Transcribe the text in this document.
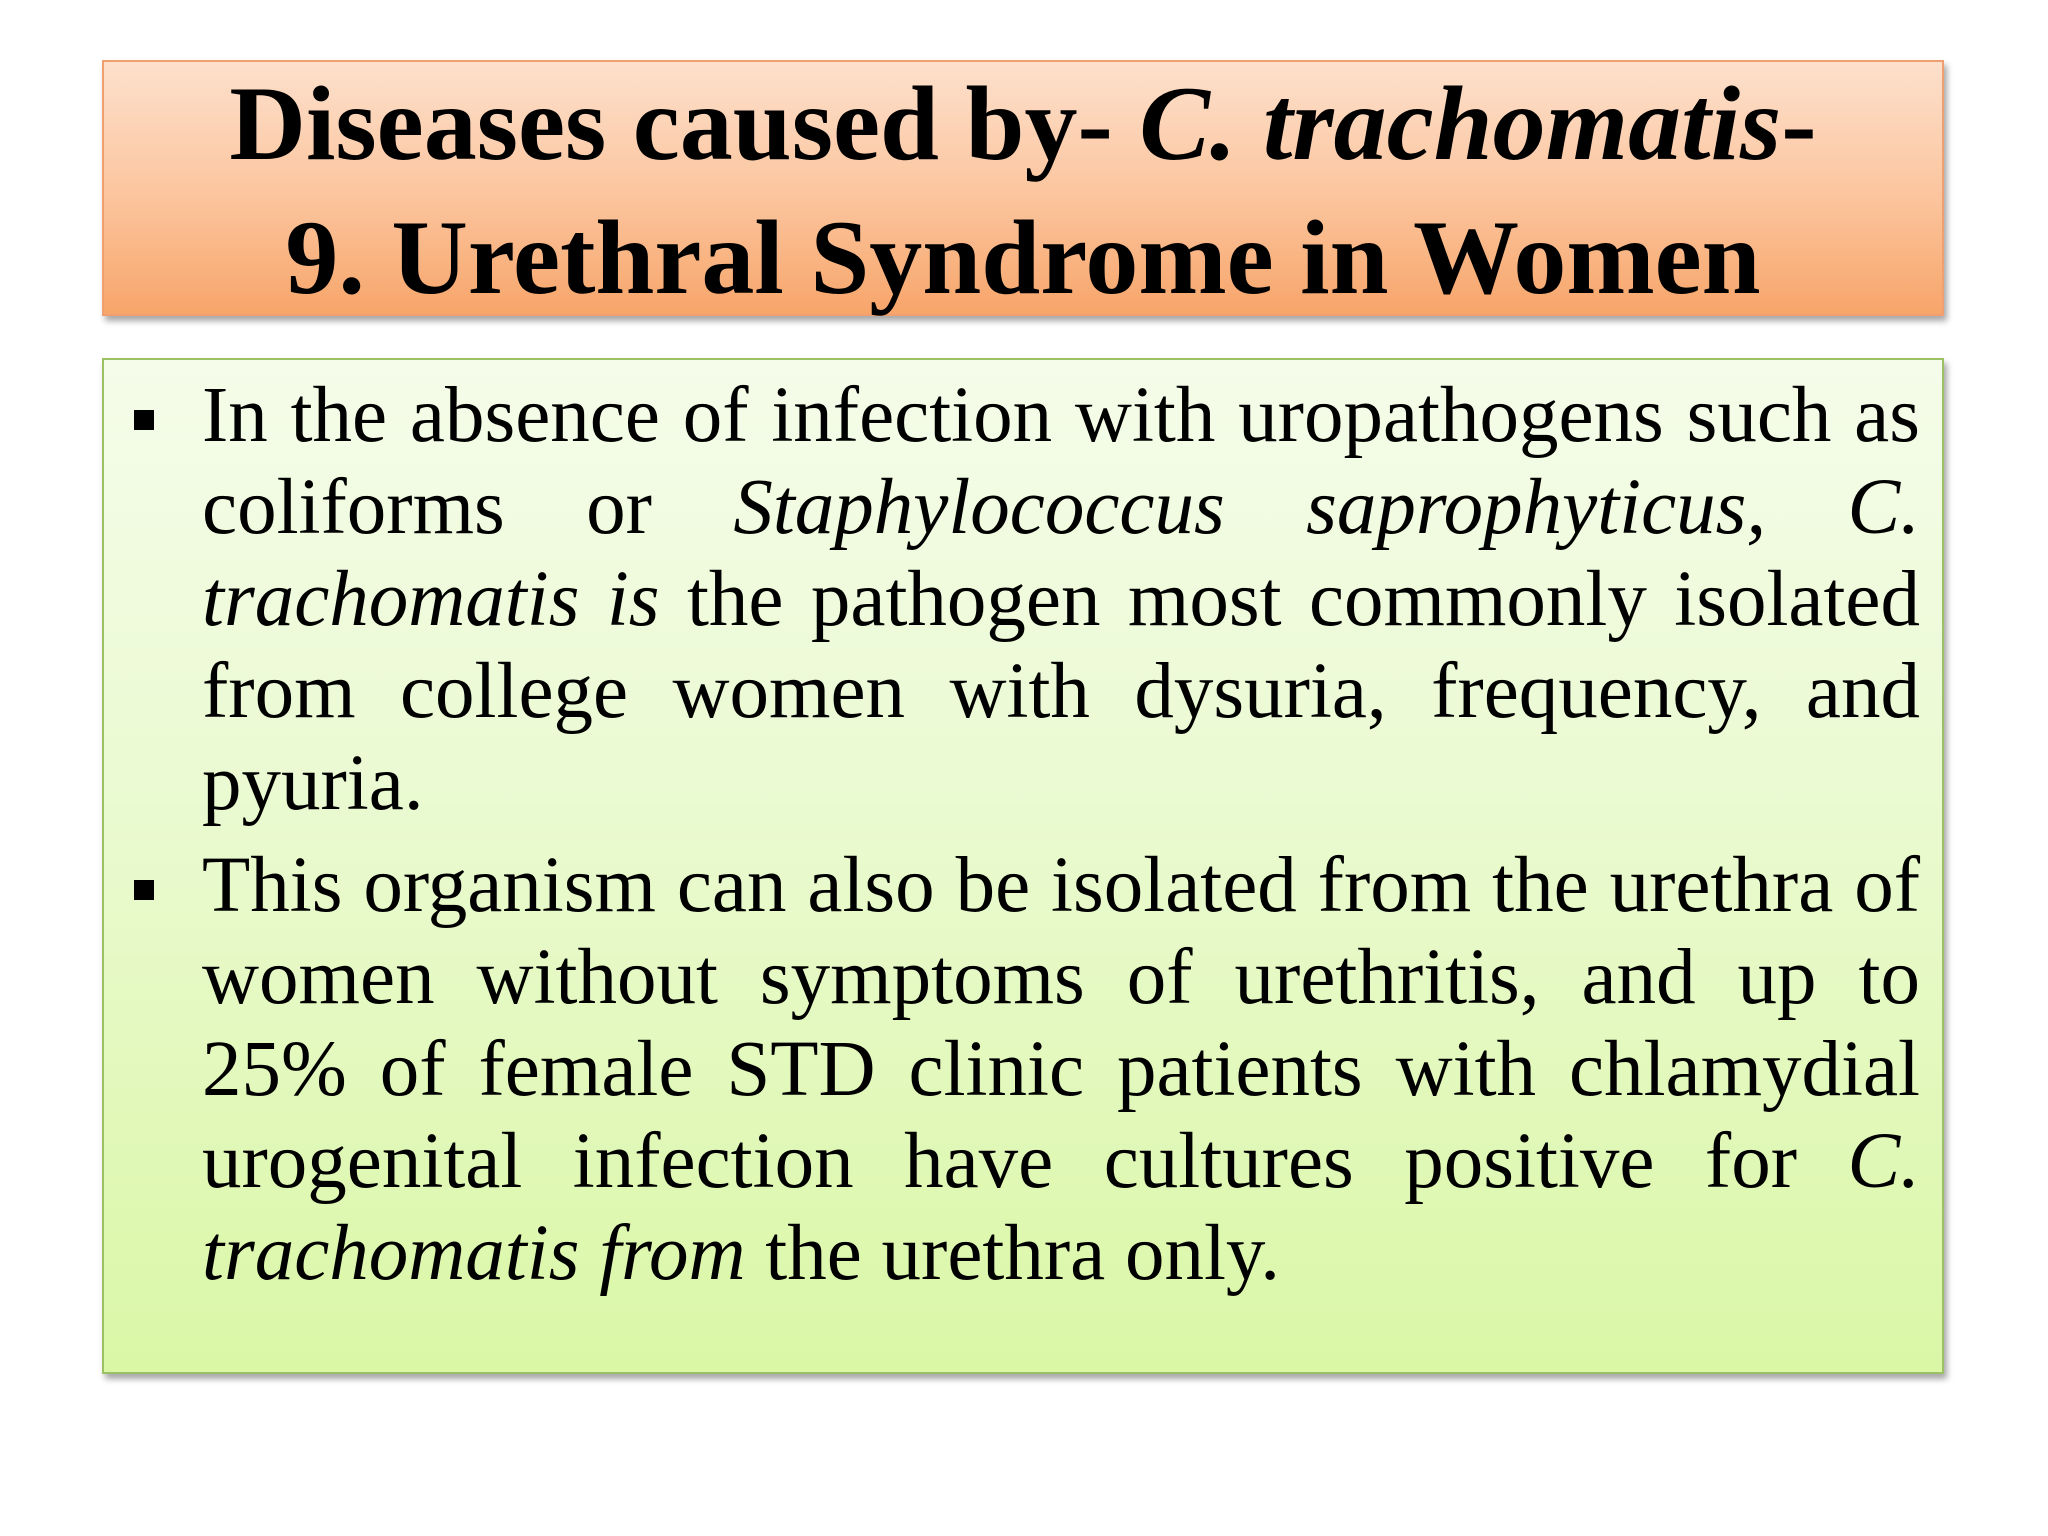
Diseases caused by- C. trachomatis-
9. Urethral Syndrome in Women
In the absence of infection with uropathogens such as coliforms or Staphylococcus saprophyticus, C. trachomatis is the pathogen most commonly isolated from college women with dysuria, frequency, and pyuria.
This organism can also be isolated from the urethra of women without symptoms of urethritis, and up to 25% of female STD clinic patients with chlamydial urogenital infection have cultures positive for C. trachomatis from the urethra only.
